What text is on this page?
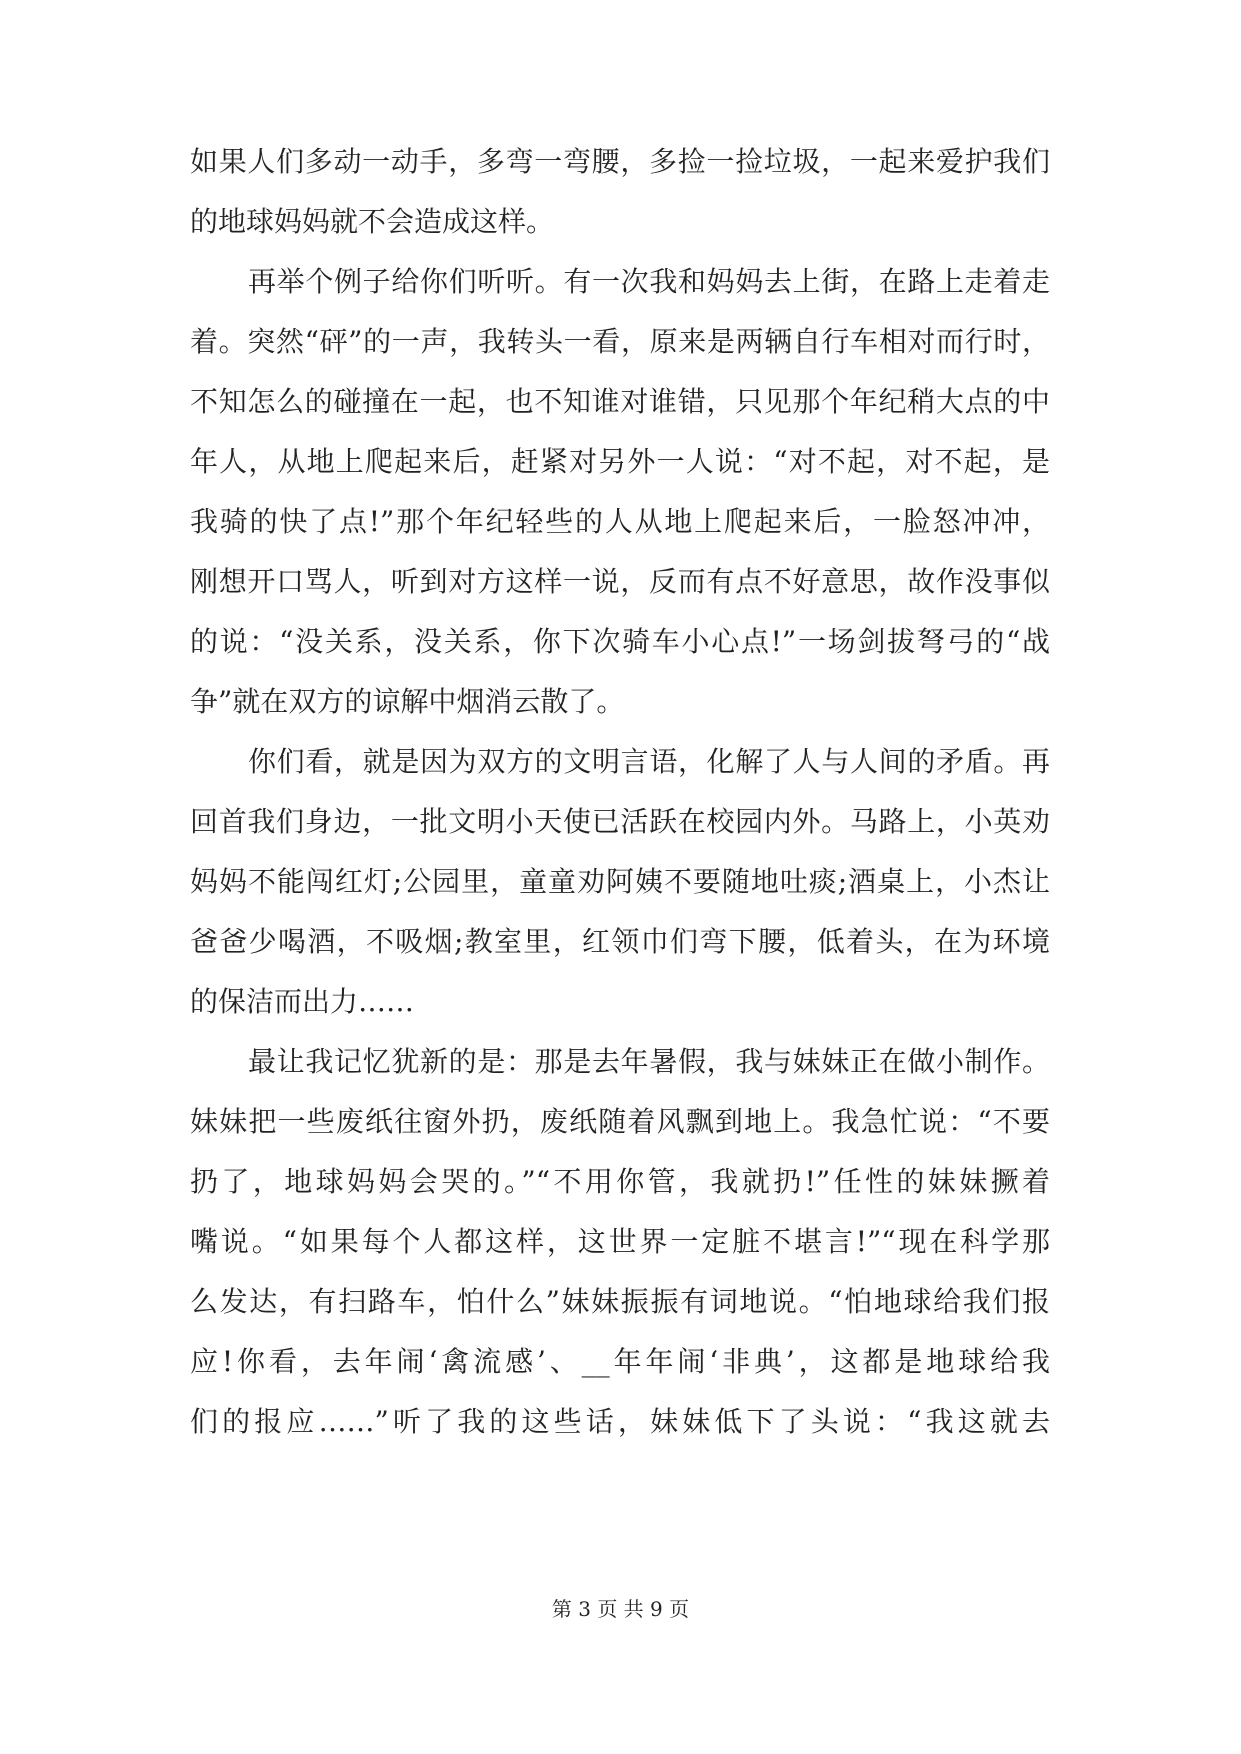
如果人们多动一动手，多弯一弯腰，多捡一捡垃圾，一起来爱护我们
的地球妈妈就不会造成这样。
再举个例子给你们听听。有一次我和妈妈去上街，在路上走着走
着。突然“砰”的一声，我转头一看，原来是两辆自行车相对而行时，
不知怎么的碰撞在一起，也不知谁对谁错，只见那个年纪稍大点的中
年人，从地上爬起来后，赶紧对另外一人说：“对不起，对不起，是
我骑的快了点!”那个年纪轻些的人从地上爬起来后，一脸怒冲冲，
刚想开口骂人，听到对方这样一说，反而有点不好意思，故作没事似
的说：“没关系，没关系，你下次骑车小心点!”一场剑拔弩弓的“战
争”就在双方的谅解中烟消云散了。
你们看，就是因为双方的文明言语，化解了人与人间的矛盾。再
回首我们身边，一批文明小天使已活跃在校园内外。马路上，小英劝
妈妈不能闯红灯;公园里，童童劝阿姨不要随地吐痰;酒桌上，小杰让
爸爸少喝酒，不吸烟;教室里，红领巾们弯下腰，低着头，在为环境
的保洁而出力……
最让我记忆犹新的是：那是去年暑假，我与妹妹正在做小制作。
妹妹把一些废纸往窗外扔，废纸随着风飘到地上。我急忙说：“不要
扔了，地球妈妈会哭的。”“不用你管，我就扔!”任性的妹妹撅着
嘴说。“如果每个人都这样，这世界一定脏不堪言!”“现在科学那
么发达，有扫路车，怕什么”妹妹振振有词地说。“怕地球给我们报
应!你看，去年闹‘禽流感’、__年年闹‘非典’，这都是地球给我
们的报应……”听了我的这些话，妹妹低下了头说：“我这就去
第 3 页 共 9 页
